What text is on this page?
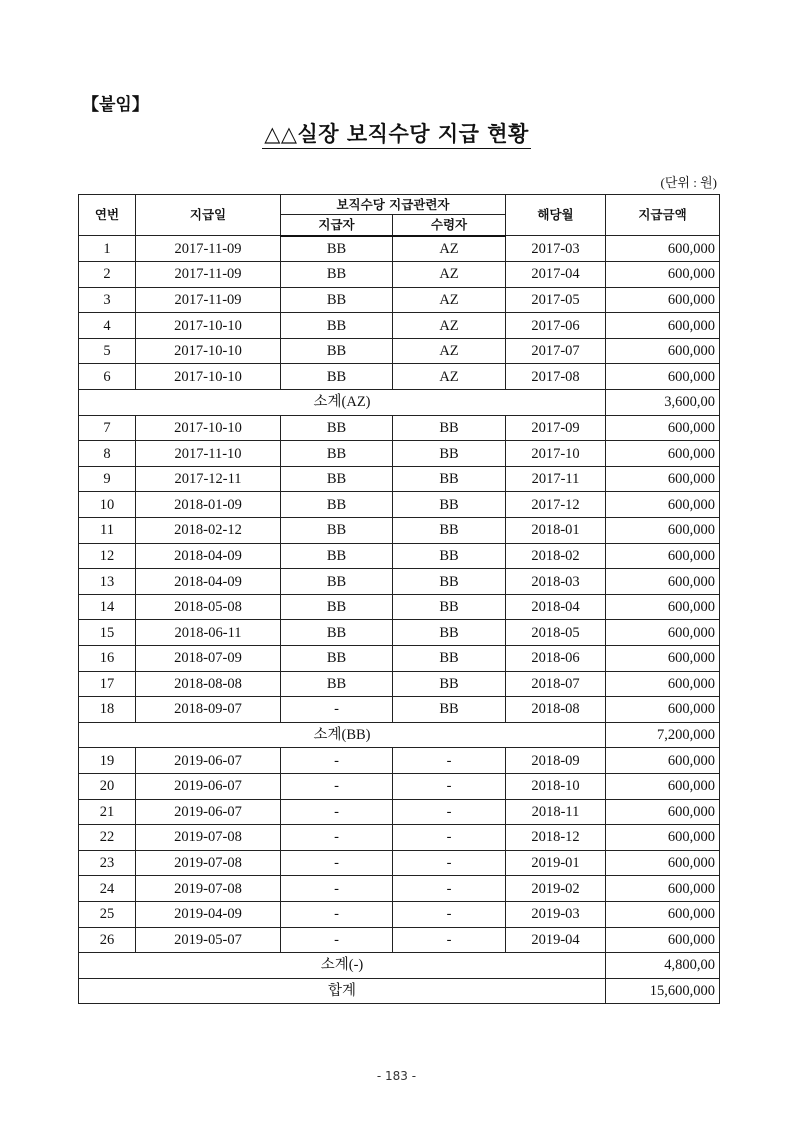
【붙임】
△△실장 보직수당 지급 현황
(단위 : 원)
연번	지급일	보직수당 지급관련자		해당월	지급금액
		지급자	수령자		
1	2017-11-09	BB	AZ	2017-03	600,000
2	2017-11-09	BB	AZ	2017-04	600,000
3	2017-11-09	BB	AZ	2017-05	600,000
4	2017-10-10	BB	AZ	2017-06	600,000
5	2017-10-10	BB	AZ	2017-07	600,000
6	2017-10-10	BB	AZ	2017-08	600,000
소계(AZ)					3,600,00
7	2017-10-10	BB	BB	2017-09	600,000
8	2017-11-10	BB	BB	2017-10	600,000
9	2017-12-11	BB	BB	2017-11	600,000
10	2018-01-09	BB	BB	2017-12	600,000
11	2018-02-12	BB	BB	2018-01	600,000
12	2018-04-09	BB	BB	2018-02	600,000
13	2018-04-09	BB	BB	2018-03	600,000
14	2018-05-08	BB	BB	2018-04	600,000
15	2018-06-11	BB	BB	2018-05	600,000
16	2018-07-09	BB	BB	2018-06	600,000
17	2018-08-08	BB	BB	2018-07	600,000
18	2018-09-07	-	BB	2018-08	600,000
소계(BB)					7,200,000
19	2019-06-07	-	-	2018-09	600,000
20	2019-06-07	-	-	2018-10	600,000
21	2019-06-07	-	-	2018-11	600,000
22	2019-07-08	-	-	2018-12	600,000
23	2019-07-08	-	-	2019-01	600,000
24	2019-07-08	-	-	2019-02	600,000
25	2019-04-09	-	-	2019-03	600,000
26	2019-05-07	-	-	2019-04	600,000
소계(-)					4,800,00
합계					15,600,000
- 183 -
